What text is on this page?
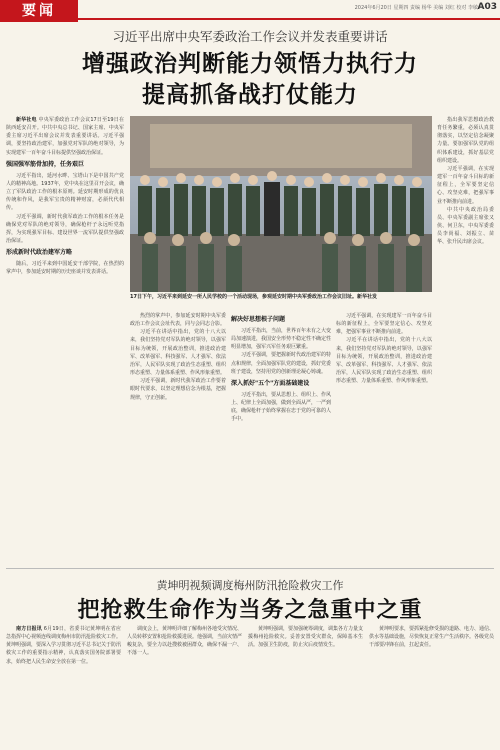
要闻	2024年6月20日 星期四 责编 杨华 美编 刘红 校对 李敏 A03
习近平出席中央军委政治工作会议并发表重要讲话
增强政治判断能力领悟力执行力
提高抓备战打仗能力

新华社电 中央军委政治工作会议17日至19日在陕西延安召开。中共中央总书记、国家主席、中央军委主席习近平出席会议并发表重要讲话。习近平强调，要坚持政治建军，加强党对军队的绝对领导，为实现建军一百年奋斗目标提供坚强政治保证。

强国强军筋骨加持，任务艰巨

习近平指出，延河水畔、宝塔山下是中国共产党人的精神高地。1937年，党中央在这里召开会议，确立了军队政治工作的根本原则。延安时期形成的优良传统和作风，是我军宝贵的精神财富，必须代代相传。

习近平强调，新时代我军政治工作的根本任务是确保党对军队的绝对领导，确保枪杆子永远听党指挥，为实现强军目标、建设世界一流军队提供坚强政治保证。

形成新时代政治建军方略

随后，习近平来到中国延安干部学院，在热烈的掌声中，参加延安时期的历史座谈并发表讲话。

17日下午，习近平来到延安一所人民学校的一个活动现场，参观延安时期中央军委政治工作会议旧址。新华社发

热烈的掌声中，参加延安时期中央军委政治工作会议会址代表，同与会同志合影。

习近平在讲话中指出，党的十八大以来，我们坚持党对军队的绝对领导，以强军目标为统领，开展政治整训，推进政治建军、改革强军、科技强军、人才强军、依法治军，人民军队实现了政治生态重塑、组织形态重塑、力量体系重塑、作风形象重塑。

习近平强调，新时代我军政治工作要着眼时代要求，以坚定理想信念为根基，把握规律，守正创新。

解决好思想根子问题

习近平指出，当前，世界百年未有之大变局加速演进，我国安全形势不稳定性不确定性明显增加，强军兴军任务艰巨繁重。

习近平强调，要把握新时代政治建军的特点和规律，全面加强军队党的建设，抓好党委班子建设，坚持用党的创新理论凝心铸魂。

深入抓好"五个"方面基础建设

习近平指出，要从思想上、组织上、作风上、纪律上全面加强，做到全面从严，一严到底，确保枪杆子始终掌握在忠于党的可靠的人手中。

指出我军思想政治教育任务繁重，必须认真贯彻落实，以坚定信念凝聚力量。要加强军队党的组织体系建设，抓好基层党组织建设。

习近平强调，在实现建军一百年奋斗目标的新征程上，全军要坚定信心、攻坚克难，把强军事业不断推向前进。

中共中央政治局委员、中央军委副主席张又侠、何卫东，中央军委委员李尚福、刘振立、苗华、张升民出席会议。

习近平强调，在实现建军一百年奋斗目标的新征程上，全军要坚定信心、攻坚克难，把强军事业不断推向前进。

习近平在讲话中指出，党的十八大以来，我们坚持党对军队的绝对领导，以强军目标为统领，开展政治整训，推进政治建军、改革强军、科技强军、人才强军、依法治军，人民军队实现了政治生态重塑、组织形态重塑、力量体系重塑、作风形象重塑。

黄坤明视频调度梅州防汛抢险救灾工作
把抢救生命作为当务之急重中之重

南方日报讯 6月19日，省委书记黄坤明在省应急指挥中心视频连线调度梅州市防汛抢险救灾工作。黄坤明强调，要深入学习贯彻习近平总书记关于防汛救灾工作的重要指示精神，认真落实国务院部署要求，始终把人民生命安全放在第一位。

调度会上，黄坤明详细了解梅州各地受灾情况、人员转移安置和抢险救援进展。他强调，当前灾情严峻复杂，要全力以赴搜救被困群众，确保不漏一户、不落一人。

黄坤明强调，要加强统筹调度，调集各方力量支援梅州抢险救灾。妥善安置受灾群众，保障基本生活。加强卫生防疫，防止灾后疫情发生。

黄坤明要求，要抓紧抢修受损的道路、电力、通信、供水等基础设施，尽快恢复正常生产生活秩序。各级党员干部要冲锋在前，扛起责任。
